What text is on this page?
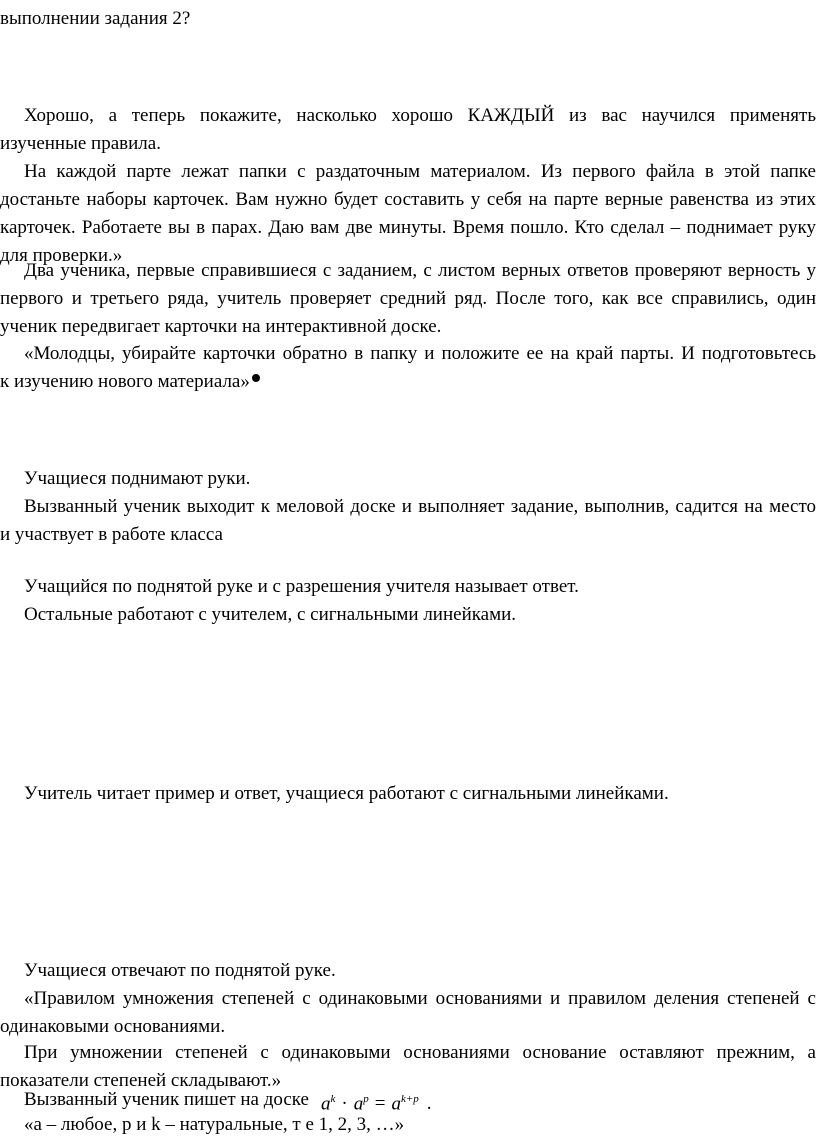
выполнении задания 2?
Хорошо, а теперь покажите, насколько хорошо КАЖДЫЙ из вас научился применять
изученные правила.
На каждой парте лежат папки с раздаточным материалом. Из первого файла в этой папке
достаньте наборы карточек. Вам нужно будет составить у себя на парте верные равенства из этих
карточек. Работаете вы в парах. Даю вам две минуты. Время пошло. Кто сделал – поднимает руку
для проверки.»
Два ученика, первые справившиеся с заданием, с листом верных ответов проверяют верность у
первого и третьего ряда, учитель проверяет средний ряд. После того, как все справились, один
ученик передвигает карточки на интерактивной доске.
«Молодцы, убирайте карточки обратно в папку и положите ее на край парты. И подготовьтесь
к изучению нового материала»
Учащиеся поднимают руки.
Вызванный ученик выходит к меловой доске и выполняет задание, выполнив, садится на место
и участвует в работе класса
Учащийся по поднятой руке и с разрешения учителя называет ответ.
Остальные работают с учителем, с сигнальными линейками.
Учитель читает пример и ответ, учащиеся работают с сигнальными линейками.
Учащиеся отвечают по поднятой руке.
«Правилом умножения степеней с одинаковыми основаниями и правилом деления степеней с
одинаковыми основаниями.
При умножении степеней с одинаковыми основаниями основание оставляют прежним, а
показатели степеней складывают.»
Вызванный ученик пишет на доске $a^k \cdot a^p = a^{k+p}$ .
«а – любое, p и k – натуральные, т е 1, 2, 3, …»
